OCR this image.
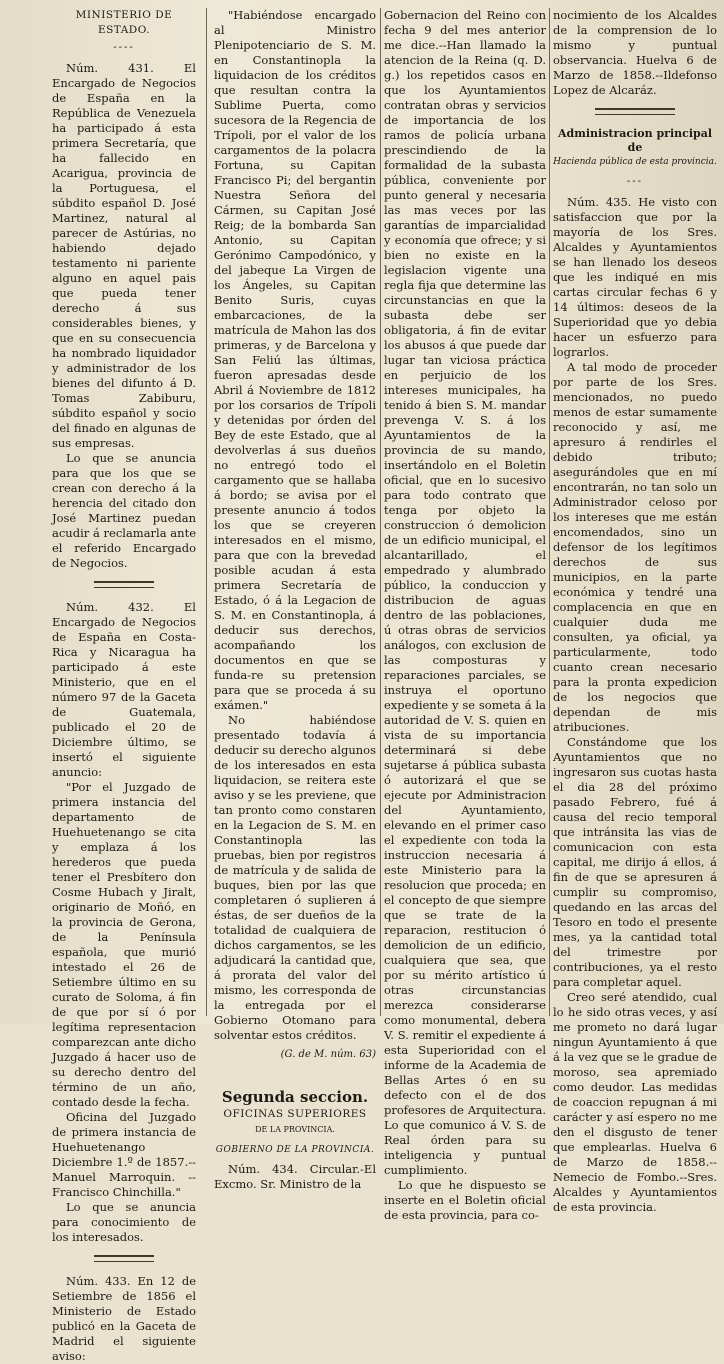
MINISTERIO DE ESTADO.
----

Núm. 431. El Encargado de Negocios de España en la República de Venezuela ha participado á esta primera Secretaría, que ha fallecido en Acarigua, provincia de la Portuguesa, el súbdito español D. José Martinez, natural al parecer de Astúrias, no habiendo dejado testamento ni pariente alguno en aquel pais que pueda tener derecho á sus considerables bienes, y que en su consecuencia ha nombrado liquidador y administrador de los bienes del difunto á D. Tomas Zabiburu, súbdito español y socio del finado en algunas de sus empresas.

Lo que se anuncia para que los que se crean con derecho á la herencia del citado don José Martinez puedan acudir á reclamarla ante el referido Encargado de Negocios.

Núm. 432. El Encargado de Negocios de España en Costa-Rica y Nicaragua ha participado á este Ministerio, que en el número 97 de la Gaceta de Guatemala, publicado el 20 de Diciembre último, se insertó el siguiente anuncio:

"Por el Juzgado de primera instancia del departamento de Huehuetenango se cita y emplaza á los herederos que pueda tener el Presbítero don Cosme Hubach y Jiralt, originario de Moñó, en la provincia de Gerona, de la Península española, que murió intestado el 26 de Setiembre último en su curato de Soloma, á fin de que por sí ó por legítima representacion comparezcan ante dicho Juzgado á hacer uso de su derecho dentro del término de un año, contado desde la fecha.

Oficina del Juzgado de primera instancia de Huehuetenango Diciembre 1.º de 1857.--Manuel Marroquin. --Francisco Chinchilla."

Lo que se anuncia para conocimiento de los interesados.

Núm. 433. En 12 de Setiembre de 1856 el Ministerio de Estado publicó en la Gaceta de Madrid el siguiente aviso:

"Habiéndose encargado al Ministro Plenipotenciario de S. M. en Constantinopla la liquidacion de los créditos que resultan contra la Sublime Puerta, como sucesora de la Regencia de Trípoli, por el valor de los cargamentos de la polacra Fortuna, su Capitan Francisco Pi; del bergantin Nuestra Señora del Cármen, su Capitan José Reig; de la bombarda San Antonio, su Capitan Gerónimo Campodónico, y del jabeque La Virgen de los Ángeles, su Capitan Benito Suris, cuyas embarcaciones, de la matrícula de Mahon las dos primeras, y de Barcelona y San Feliú las últimas, fueron apresadas desde Abril á Noviembre de 1812 por los corsarios de Trípoli y detenidas por órden del Bey de este Estado, que al devolverlas á sus dueños no entregó todo el cargamento que se hallaba á bordo; se avisa por el presente anuncio á todos los que se creyeren interesados en el mismo, para que con la brevedad posible acudan á esta primera Secretaría de Estado, ó á la Legacion de S. M. en Constantinopla, á deducir sus derechos, acompañando los documentos en que se funda-re su pretension para que se proceda á su exámen."

No habiéndose presentado todavía á deducir su derecho algunos de los interesados en esta liquidacion, se reitera este aviso y se les previene, que tan pronto como constaren en la Legacion de S. M. en Constantinopla las pruebas, bien por registros de matrícula y de salida de buques, bien por las que completaren ó suplieren á éstas, de ser dueños de la totalidad de cualquiera de dichos cargamentos, se les adjudicará la cantidad que, á prorata del valor del mismo, les corresponda de la entregada por el Gobierno Otomano para solventar estos créditos.

(G. de M. núm. 63)
Segunda seccion.
OFICINAS SUPERIORES
DE LA PROVINCIA.
GOBIERNO DE LA PROVINCIA.

Núm. 434. Circular.-El Excmo. Sr. Ministro de la

Gobernacion del Reino con fecha 9 del mes anterior me dice.--Han llamado la atencion de la Reina (q. D. g.) los repetidos casos en que los Ayuntamientos contratan obras y servicios de importancia de los ramos de policía urbana prescindiendo de la formalidad de la subasta pública, conveniente por punto general y necesaria las mas veces por las garantías de imparcialidad y economía que ofrece; y si bien no existe en la legislacion vigente una regla fija que determine las circunstancias en que la subasta debe ser obligatoria, á fin de evitar los abusos á que puede dar lugar tan viciosa práctica en perjuicio de los intereses municipales, ha tenido á bien S. M. mandar prevenga V. S. á los Ayuntamientos de la provincia de su mando, insertándolo en el Boletin oficial, que en lo sucesivo para todo contrato que tenga por objeto la construccion ó demolicion de un edificio municipal, el alcantarillado, el empedrado y alumbrado público, la conduccion y distribucion de aguas dentro de las poblaciones, ú otras obras de servicios análogos, con exclusion de las composturas y reparaciones parciales, se instruya el oportuno expediente y se someta á la autoridad de V. S. quien en vista de su importancia determinará si debe sujetarse á pública subasta ó autorizará el que se ejecute por Administracion del Ayuntamiento, elevando en el primer caso el expediente con toda la instruccion necesaria á este Ministerio para la resolucion que proceda; en el concepto de que siempre que se trate de la reparacion, restitucion ó demolicion de un edificio, cualquiera que sea, que por su mérito artístico ú otras circunstancias merezca considerarse como monumental, debera V. S. remitir el expediente á esta Superioridad con el informe de la Academia de Bellas Artes ó en su defecto con el de dos profesores de Arquitectura. Lo que comunico á V. S. de Real órden para su inteligencia y puntual cumplimiento.

Lo que he dispuesto se inserte en el Boletin oficial de esta provincia, para co-

nocimiento de los Alcaldes de la comprension de lo mismo y puntual observancia. Huelva 6 de Marzo de 1858.--Ildefonso Lopez de Alcaráz.

Administracion principal de
Hacienda pública de esta provincia.
---

Núm. 435. He visto con satisfaccion que por la mayoría de los Sres. Alcaldes y Ayuntamientos se han llenado los deseos que les indiqué en mis cartas circular fechas 6 y 14 últimos: deseos de la Superioridad que yo debia hacer un esfuerzo para lograrlos.

A tal modo de proceder por parte de los Sres. mencionados, no puedo menos de estar sumamente reconocido y así, me apresuro á rendirles el debido tributo; asegurándoles que en mí encontrarán, no tan solo un Administrador celoso por los intereses que me están encomendados, sino un defensor de los legítimos derechos de sus municipios, en la parte económica y tendré una complacencia en que en cualquier duda me consulten, ya oficial, ya particularmente, todo cuanto crean necesario para la pronta expedicion de los negocios que dependan de mis atribuciones.

Constándome que los Ayuntamientos que no ingresaron sus cuotas hasta el dia 28 del próximo pasado Febrero, fué á causa del recio temporal que intránsita las vias de comunicacion con esta capital, me dirijo á ellos, á fin de que se apresuren á cumplir su compromiso, quedando en las arcas del Tesoro en todo el presente mes, ya la cantidad total del trimestre por contribuciones, ya el resto para completar aquel.

Creo seré atendido, cual lo he sido otras veces, y así me prometo no dará lugar ningun Ayuntamiento á que á la vez que se le gradue de moroso, sea apremiado como deudor. Las medidas de coaccion repugnan á mi carácter y así espero no me den el disgusto de tener que emplearlas. Huelva 6 de Marzo de 1858.--Nemecio de Fombo.--Sres. Alcaldes y Ayuntamientos de esta provincia.
